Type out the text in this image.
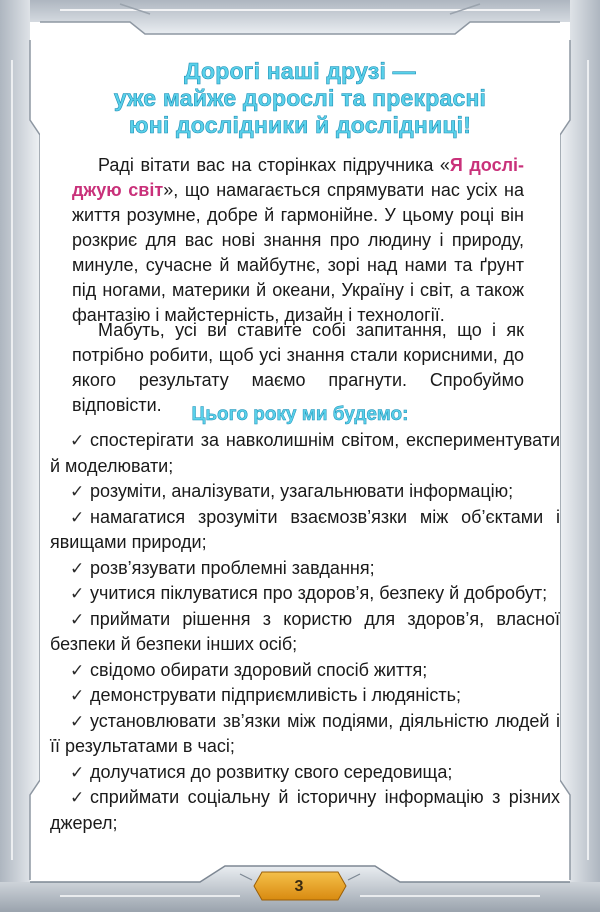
3
Дорогі наші друзі —
уже майже дорослі та прекрасні
юні дослідники й дослідниці!

Раді вітати вас на сторінках підручника «Я дослі-джую світ», що намагається спрямувати нас усіх на життя розумне, добре й гармонійне. У цьому році він розкриє для вас нові знання про людину і природу, минуле, сучасне й майбутнє, зорі над нами та ґрунт під ногами, материки й океани, Україну і світ, а також фантазію і майстерність, дизайн і технології.

Мабуть, усі ви ставите собі запитання, що і як потрібно робити, щоб усі знання стали корисними, до якого результату маємо прагнути. Спробуймо відповісти.	Цього року ми будемо:
✓ спостерігати за навколишнім світом, експериментувати й моделювати;
✓ розуміти, аналізувати, узагальнювати інформацію;
✓ намагатися зрозуміти взаємозв’язки між об’єктами і явищами природи;
✓ розв’язувати проблемні завдання;
✓ учитися піклуватися про здоров’я, безпеку й добробут;
✓ приймати рішення з користю для здоров’я, власної безпеки й безпеки інших осіб;
✓ свідомо обирати здоровий спосіб життя;
✓ демонструвати підприємливість і людяність;
✓ установлювати зв’язки між подіями, діяльністю людей і її результатами в часі;
✓ долучатися до розвитку свого середовища;
✓ сприймати соціальну й історичну інформацію з різних джерел;
